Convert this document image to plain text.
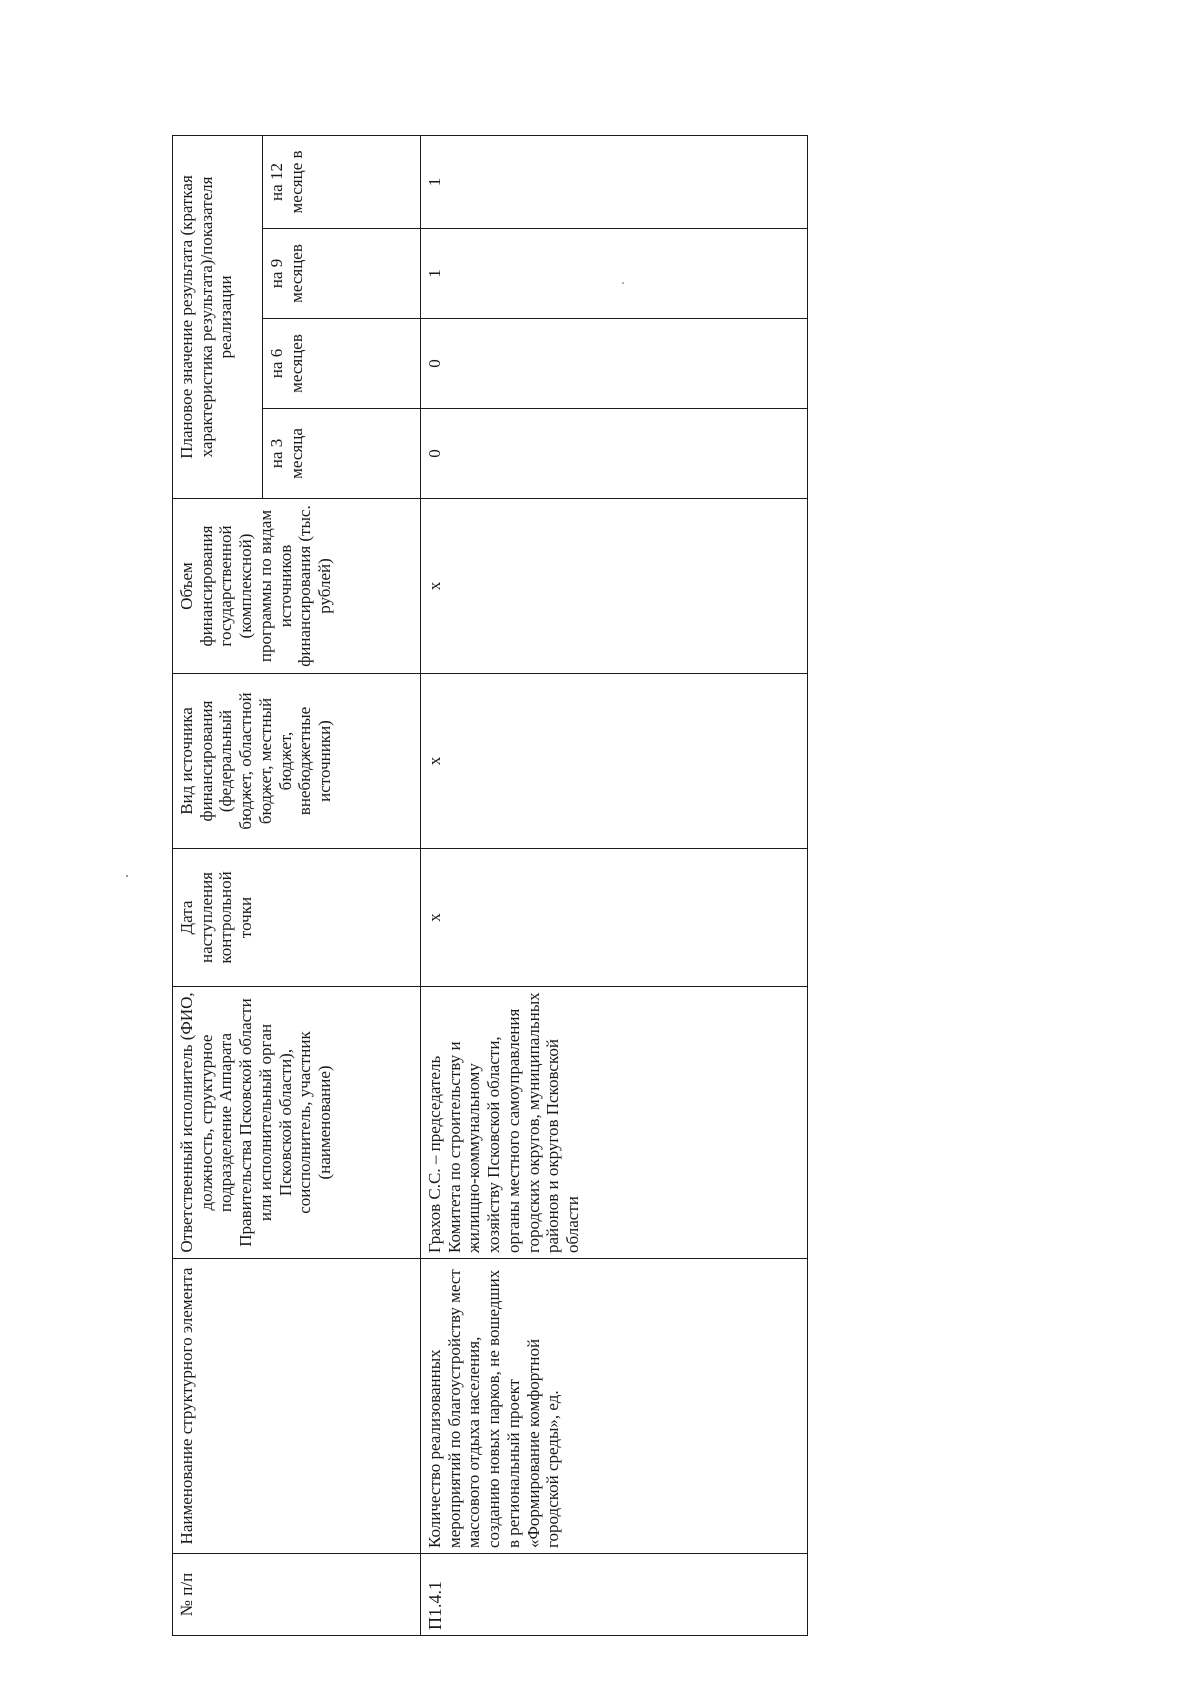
№ п/п	Наименование структурного элемента	Ответственный исполнитель (ФИО, должность, структурное подразделение Аппарата Правительства Псковской области или исполнительный орган Псковской области), соисполнитель, участник (наименование)	Дата наступления контрольной точки	Вид источника финансирования (федеральный бюджет, областной бюджет, местный бюджет, внебюджетные источники)	Объем финансирования государственной (комплексной) программы по видам источников финансирования (тыс. рублей)	Плановое значение результата (краткая характеристика результата)/показателя реализации			
						на 3 месяца	на 6 месяцев	на 9 месяцев	на 12 месяце в
П1.4.1	Количество реализованных мероприятий по благоустройству мест массового отдыха населения, созданию новых парков, не вошедших в региональный проект «Формирование комфортной городской среды», ед.	Грахов С.С. – председатель Комитета по строительству и жилищно-коммунальному хозяйству Псковской области, органы местного самоуправления городских округов, муниципальных районов и округов Псковской области	х	х	х	0	0	1	1
